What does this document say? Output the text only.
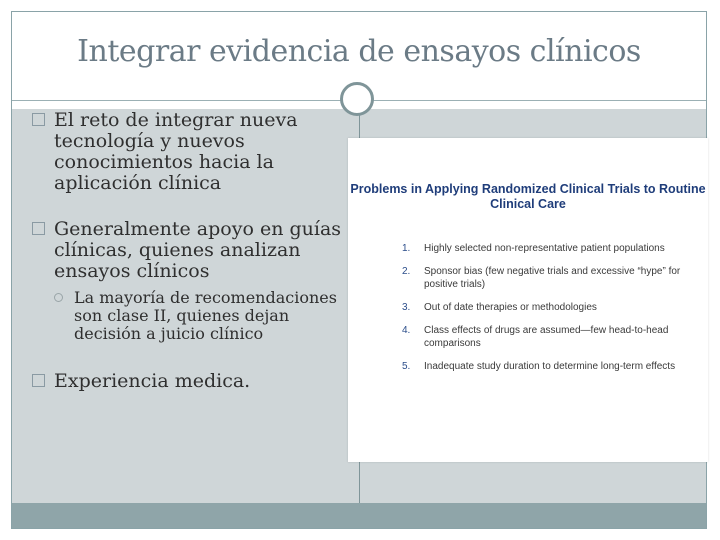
Integrar evidencia de ensayos clínicos
El reto de integrar nueva tecnología y nuevos conocimientos hacia la aplicación clínica
Generalmente apoyo en guías clínicas, quienes analizan ensayos clínicos
La mayoría de recomendaciones son clase II, quienes dejan decisión a juicio clínico
Experiencia medica.
Problems in Applying Randomized Clinical Trials to Routine Clinical Care
1. Highly selected non-representative patient populations
2. Sponsor bias (few negative trials and excessive “hype” for positive trials)
3. Out of date therapies or methodologies
4. Class effects of drugs are assumed—few head-to-head comparisons
5. Inadequate study duration to determine long-term effects
